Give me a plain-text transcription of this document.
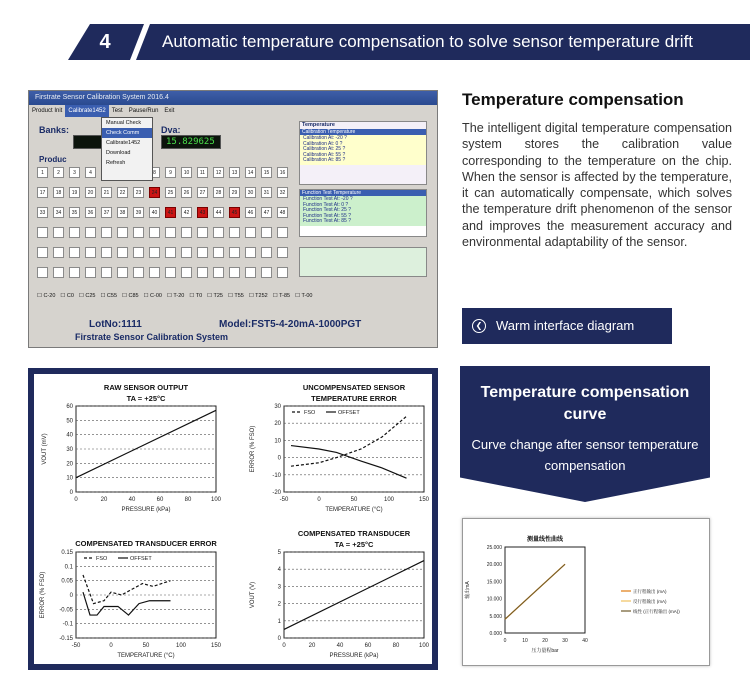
4	Automatic temperature compensation to solve sensor temperature drift
Firstrate Sensor Calibration System 2016.4
Product Init Calibrate1452 Test Pause/Run Exit
Manual Check
Check Comm
Calibrate1452
Download
Refresh
Banks:	Dva:
15.829625
Produc
1	2	3	4	8	9	10	11	12	13	14	15	16
17	18	19	20	21	22	23	24	25	26	27	28	29	30	31	32
33	34	35	36	37	38	39	40	41	42	43	44	45	46	47	48
Temperature
Calibration Temperature
Calibration At: -20 ?
Calibration At: 0 ?
Calibration At: 25 ?
Calibration At: 55 ?
Calibration At: 85 ?
Function Test Temperature
Function Test At: -20 ?
Function Test At: 0 ?
Function Test At: 25 ?
Function Test At: 55 ?
Function Test At: 85 ?
☐ C-20 ☐ C0 ☐ C25 ☐ C55 ☐ C85 ☐ C-00 ☐ T-20 ☐ T0 ☐ T25 ☐ T55 ☐ T252 ☐ T-85 ☐ T-00
LotNo:1111	Model:FST5-4-20mA-1000PGT
Firstrate Sensor Calibration System
Temperature compensation
The intelligent digital temperature compensation system stores the calibration value corresponding to the temperature on the chip. When the sensor is affected by the temperature, it can automatically compensate, which solves the temperature drift phenomenon of the sensor and improves the measurement accuracy and environmental adaptability of the sensor.
❮ Warm interface diagram
RAW SENSOR OUTPUT
TA = +25°C
0
10
20
30
40
50
60
0	20	40	60	80	100
PRESSURE (kPa)
VOUT (mV)
UNCOMPENSATED SENSOR
TEMPERATURE ERROR
-20
-10
0
10
20
30
-50	0	50	100	150
TEMPERATURE (°C)
ERROR (% FSO)
FSO	OFFSET
COMPENSATED TRANSDUCER ERROR
-0.15
-0.1
-0.05
0
0.05
0.1
0.15
-50	0	50	100	150
TEMPERATURE (°C)
ERROR (% FSO)
FSO	OFFSET
COMPENSATED TRANSDUCER
TA = +25°C
0
1
2
3
4
5
0	20	40	60	80	100
PRESSURE (kPa)
VOUT (V)
Temperature compensation curve
Curve change after sensor temperature compensation
测量线性曲线
0.000
5.000
10.000
15.000
20.000
25.000
0	10	20	30	40
压力量程bar
输出mA	正行程输出 (mA)
反行程输出 (mA)
线性 (正行程输出 (mA))
